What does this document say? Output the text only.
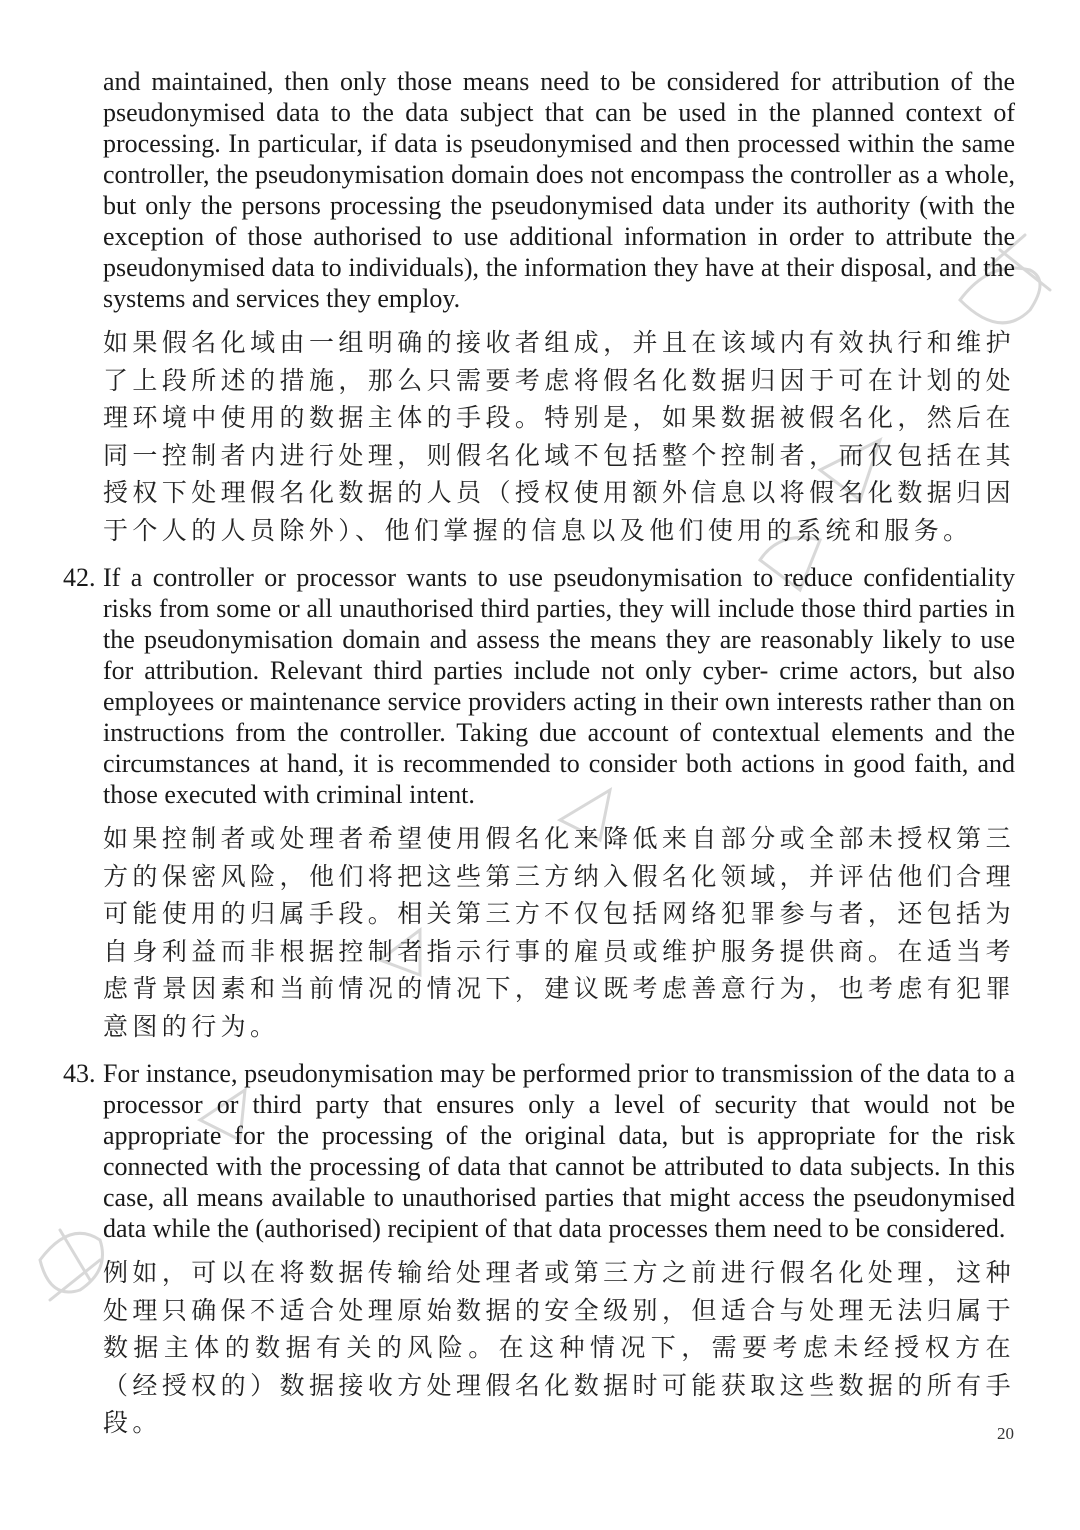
and maintained, then only those means need to be considered for attribution of the pseudonymised data to the data subject that can be used in the planned context of processing. In particular, if data is pseudonymised and then processed within the same controller, the pseudonymisation domain does not encompass the controller as a whole, but only the persons processing the pseudonymised data under its authority (with the exception of those authorised to use additional information in order to attribute the pseudonymised data to individuals), the information they have at their disposal, and the systems and services they employ.

如果假名化域由一组明确的接收者组成，并且在该域内有效执行和维护了上段所述的措施，那么只需要考虑将假名化数据归因于可在计划的处理环境中使用的数据主体的手段。特别是，如果数据被假名化，然后在同一控制者内进行处理，则假名化域不包括整个控制者，而仅包括在其授权下处理假名化数据的人员（授权使用额外信息以将假名化数据归因于个人的人员除外）、他们掌握的信息以及他们使用的系统和服务。

42. If a controller or processor wants to use pseudonymisation to reduce confidentiality risks from some or all unauthorised third parties, they will include those third parties in the pseudonymisation domain and assess the means they are reasonably likely to use for attribution. Relevant third parties include not only cyber- crime actors, but also employees or maintenance service providers acting in their own interests rather than on instructions from the controller. Taking due account of contextual elements and the circumstances at hand, it is recommended to consider both actions in good faith, and those executed with criminal intent.

如果控制者或处理者希望使用假名化来降低来自部分或全部未授权第三方的保密风险，他们将把这些第三方纳入假名化领域，并评估他们合理可能使用的归属手段。相关第三方不仅包括网络犯罪参与者，还包括为自身利益而非根据控制者指示行事的雇员或维护服务提供商。在适当考虑背景因素和当前情况的情况下，建议既考虑善意行为，也考虑有犯罪意图的行为。

43. For instance, pseudonymisation may be performed prior to transmission of the data to a processor or third party that ensures only a level of security that would not be appropriate for the processing of the original data, but is appropriate for the risk connected with the processing of data that cannot be attributed to data subjects. In this case, all means available to unauthorised parties that might access the pseudonymised data while the (authorised) recipient of that data processes them need to be considered.

例如，可以在将数据传输给处理者或第三方之前进行假名化处理，这种处理只确保不适合处理原始数据的安全级别，但适合与处理无法归属于数据主体的数据有关的风险。在这种情况下，需要考虑未经授权方在（经授权的）数据接收方处理假名化数据时可能获取这些数据的所有手段。	20
